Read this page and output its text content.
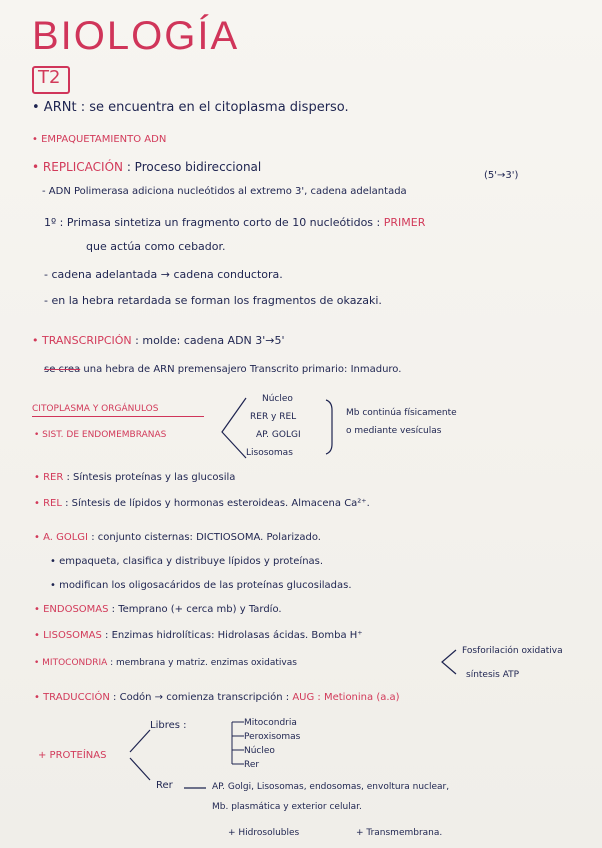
BIOLOGÍA
T2
• ARNt : se encuentra en el citoplasma disperso.
• EMPAQUETAMIENTO ADN
• REPLICACIÓN : Proceso bidireccional
(5'→3')
- ADN Polimerasa adiciona nucleótidos al extremo 3', cadena adelantada
1º : Primasa sintetiza un fragmento corto de 10 nucleótidos : PRIMER
que actúa como cebador.
- cadena adelantada → cadena conductora.
- en la hebra retardada se forman los fragmentos de okazaki.
• TRANSCRIPCIÓN : molde: cadena ADN 3'→5'
se crea una hebra de ARN premensajero Transcrito primario: Inmaduro.
CITOPLASMA Y ORGÁNULOS
• SIST. DE ENDOMEMBRANAS
Núcleo
RER y REL
AP. GOLGI
Lisosomas
Mb continúa físicamente
o mediante vesículas
• RER : Síntesis proteínas y las glucosila
• REL : Síntesis de lípidos y hormonas esteroideas. Almacena Ca²⁺.
• A. GOLGI : conjunto cisternas: DICTIOSOMA. Polarizado.
• empaqueta, clasifica y distribuye lípidos y proteínas.
• modifican los oligosacáridos de las proteínas glucosiladas.
• ENDOSOMAS : Temprano (+ cerca mb) y Tardío.
• LISOSOMAS : Enzimas hidrolíticas: Hidrolasas ácidas. Bomba H⁺
• MITOCONDRIA : membrana y matriz. enzimas oxidativas
Fosforilación oxidativa
síntesis ATP
• TRADUCCIÓN : Codón → comienza transcripción : AUG : Metionina (a.a)
+ PROTEÍNAS
Libres :	Mitocondria
Peroxisomas
Núcleo
Rer
Rer	AP. Golgi, Lisosomas, endosomas, envoltura nuclear,
Mb. plasmática y exterior celular.
+ Hidrosolubles	+ Transmembrana.
